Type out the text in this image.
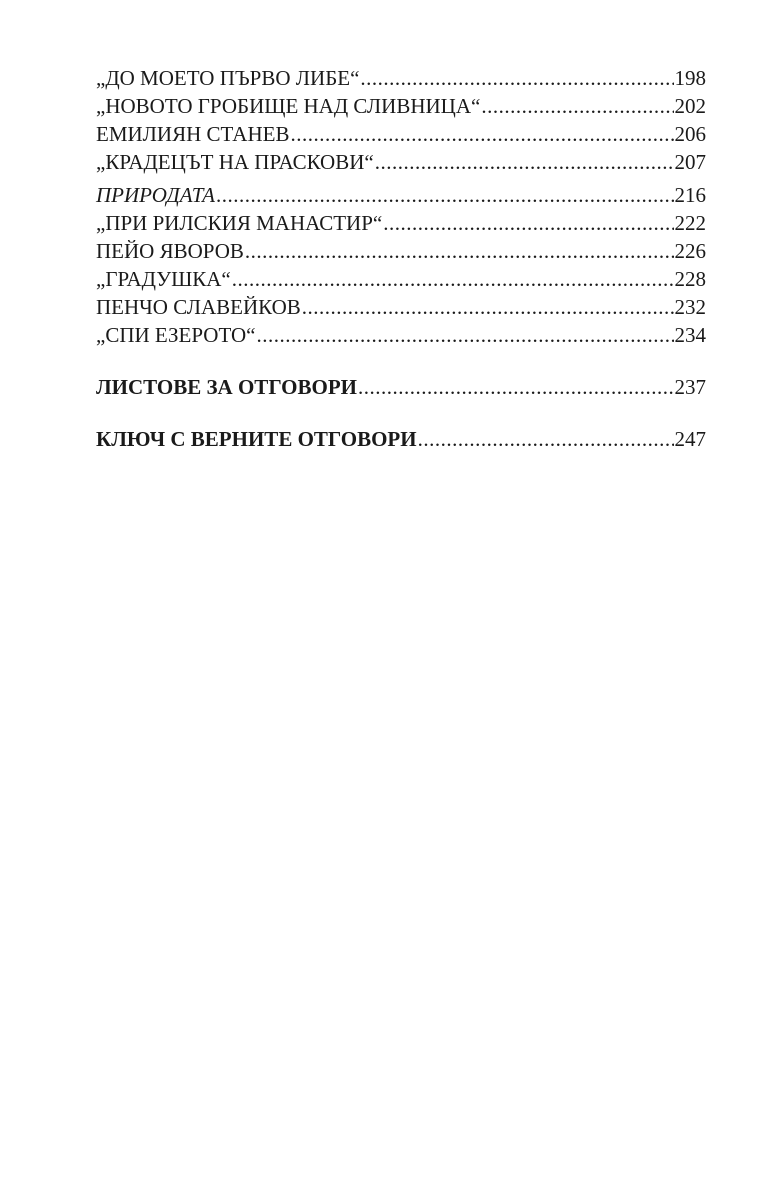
„ДО МОЕТО ПЪРВО ЛИБЕ“ .....	198
„НОВОТО ГРОБИЩЕ НАД СЛИВНИЦА“ .....	202
ЕМИЛИЯН СТАНЕВ .....	206
„КРАДЕЦЪТ НА ПРАСКОВИ“ .....	207
ПРИРОДАТА .....	216
„ПРИ РИЛСКИЯ МАНАСТИР“ .....	222
ПЕЙО ЯВОРОВ .....	226
„ГРАДУШКА“ .....	228
ПЕНЧО СЛАВЕЙКОВ .....	232
„СПИ ЕЗЕРОТО“ .....	234
ЛИСТОВЕ ЗА ОТГОВОРИ .....	237
КЛЮЧ С ВЕРНИТЕ ОТГОВОРИ .....	247
